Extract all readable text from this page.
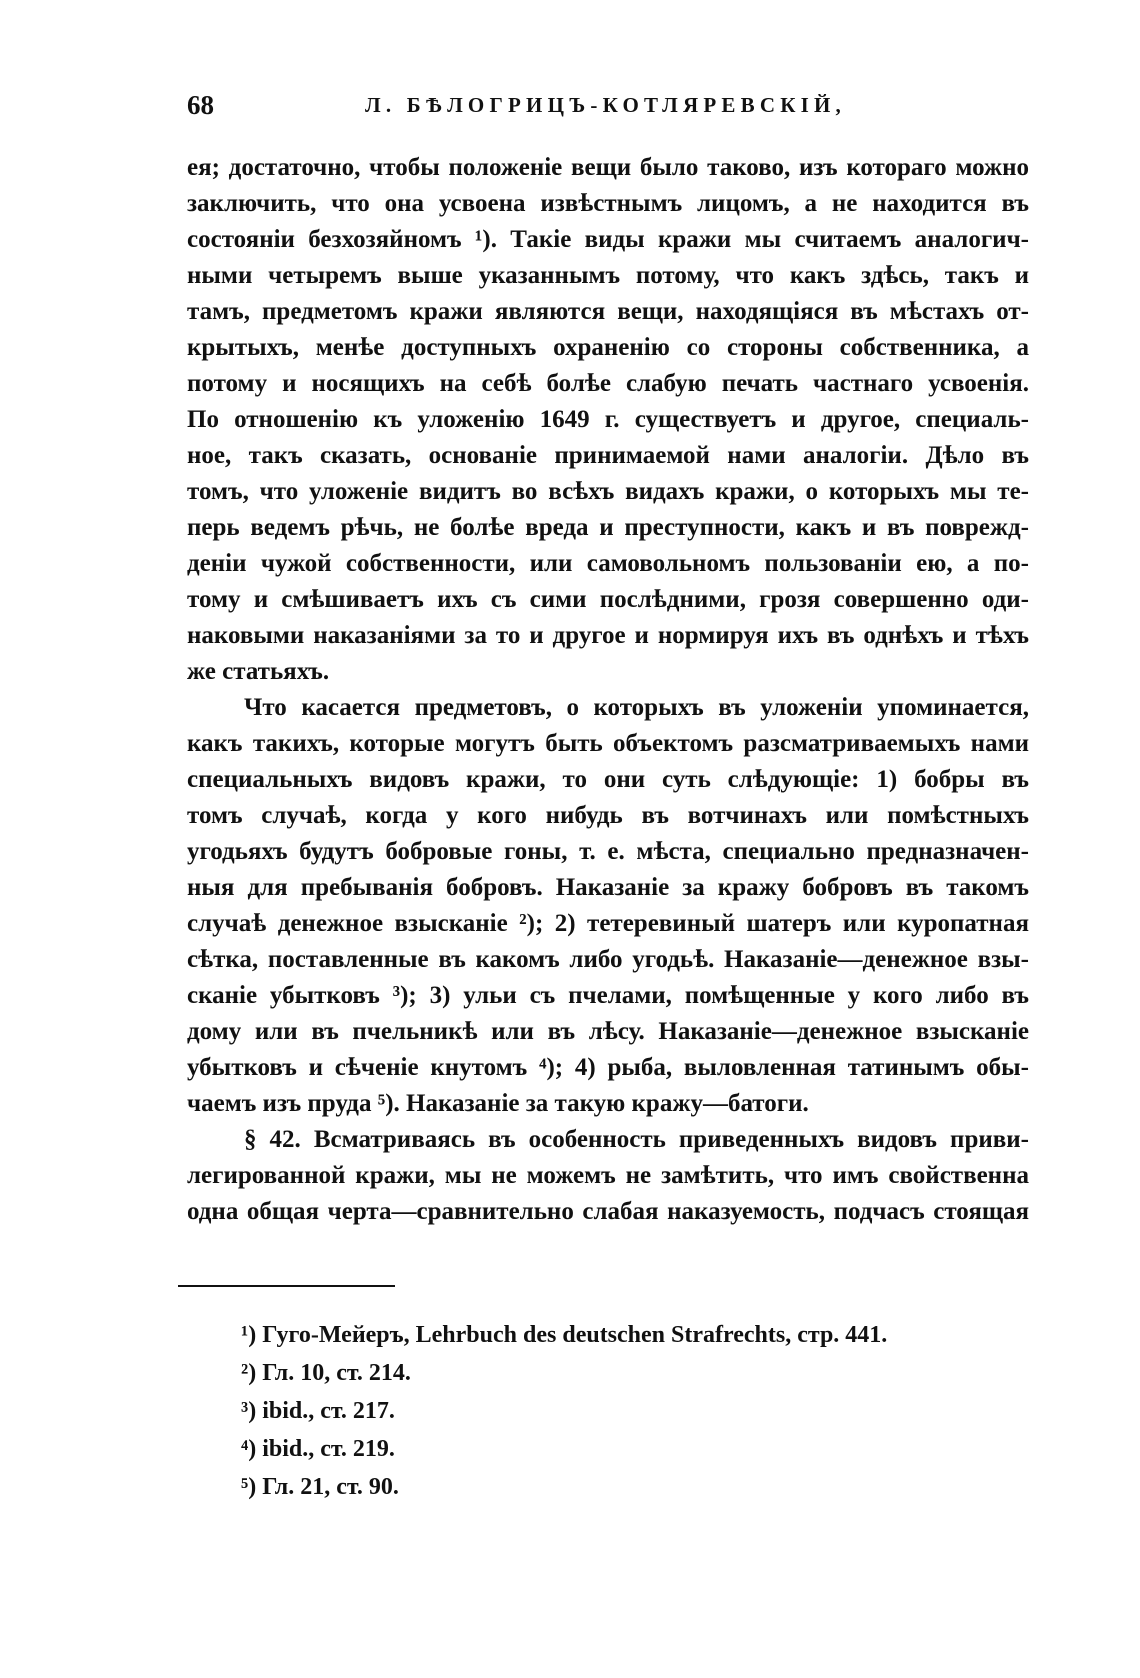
68	Л. БѢЛОГРИЦЪ-КОТЛЯРЕВСКІЙ,
ея; достаточно, чтобы положеніе вещи было таково, изъ котораго можно
заключить, что она усвоена извѣстнымъ лицомъ, а не находится въ
состояніи безхозяйномъ ¹). Такіе виды кражи мы считаемъ аналогич-
ными четыремъ выше указаннымъ потому, что какъ здѣсь, такъ и
тамъ, предметомъ кражи являются вещи, находящіяся въ мѣстахъ от-
крытыхъ, менѣе доступныхъ охраненію со стороны собственника, а
потому и носящихъ на себѣ болѣе слабую печать частнаго усвоенія.
По отношенію къ уложенію 1649 г. существуетъ и другое, специаль-
ное, такъ сказать, основаніе принимаемой нами аналогіи. Дѣло въ
томъ, что уложеніе видитъ во всѣхъ видахъ кражи, о которыхъ мы те-
перь ведемъ рѣчь, не болѣе вреда и преступности, какъ и въ поврежд-
деніи чужой собственности, или самовольномъ пользованіи ею, а по-
тому и смѣшиваетъ ихъ съ сими послѣдними, грозя совершенно оди-
наковыми наказаніями за то и другое и нормируя ихъ въ однѣхъ и тѣхъ
же статьяхъ.
Что касается предметовъ, о которыхъ въ уложеніи упоминается,
какъ такихъ, которые могутъ быть объектомъ разсматриваемыхъ нами
специальныхъ видовъ кражи, то они суть слѣдующіе: 1) бобры въ
томъ случаѣ, когда у кого нибудь въ вотчинахъ или помѣстныхъ
угодьяхъ будутъ бобровые гоны, т. е. мѣста, специально предназначен-
ныя для пребыванія бобровъ. Наказаніе за кражу бобровъ въ такомъ
случаѣ денежное взысканіе ²); 2) тетеревиный шатеръ или куропатная
сѣтка, поставленные въ какомъ либо угодьѣ. Наказаніе—денежное взы-
сканіе убытковъ ³); 3) ульи съ пчелами, помѣщенные у кого либо въ
дому или въ пчельникѣ или въ лѣсу. Наказаніе—денежное взысканіе
убытковъ и сѣченіе кнутомъ ⁴); 4) рыба, выловленная татинымъ обы-
чаемъ изъ пруда ⁵). Наказаніе за такую кражу—батоги.
§ 42. Всматриваясь въ особенность приведенныхъ видовъ приви-
легированной кражи, мы не можемъ не замѣтить, что имъ свойственна
одна общая черта—сравнительно слабая наказуемость, подчасъ стоящая
¹) Гуго-Мейеръ, Lehrbuch des deutschen Strafrechts, стр. 441.
²) Гл. 10, ст. 214.
³) ibid., ст. 217.
⁴) ibid., ст. 219.
⁵) Гл. 21, ст. 90.
